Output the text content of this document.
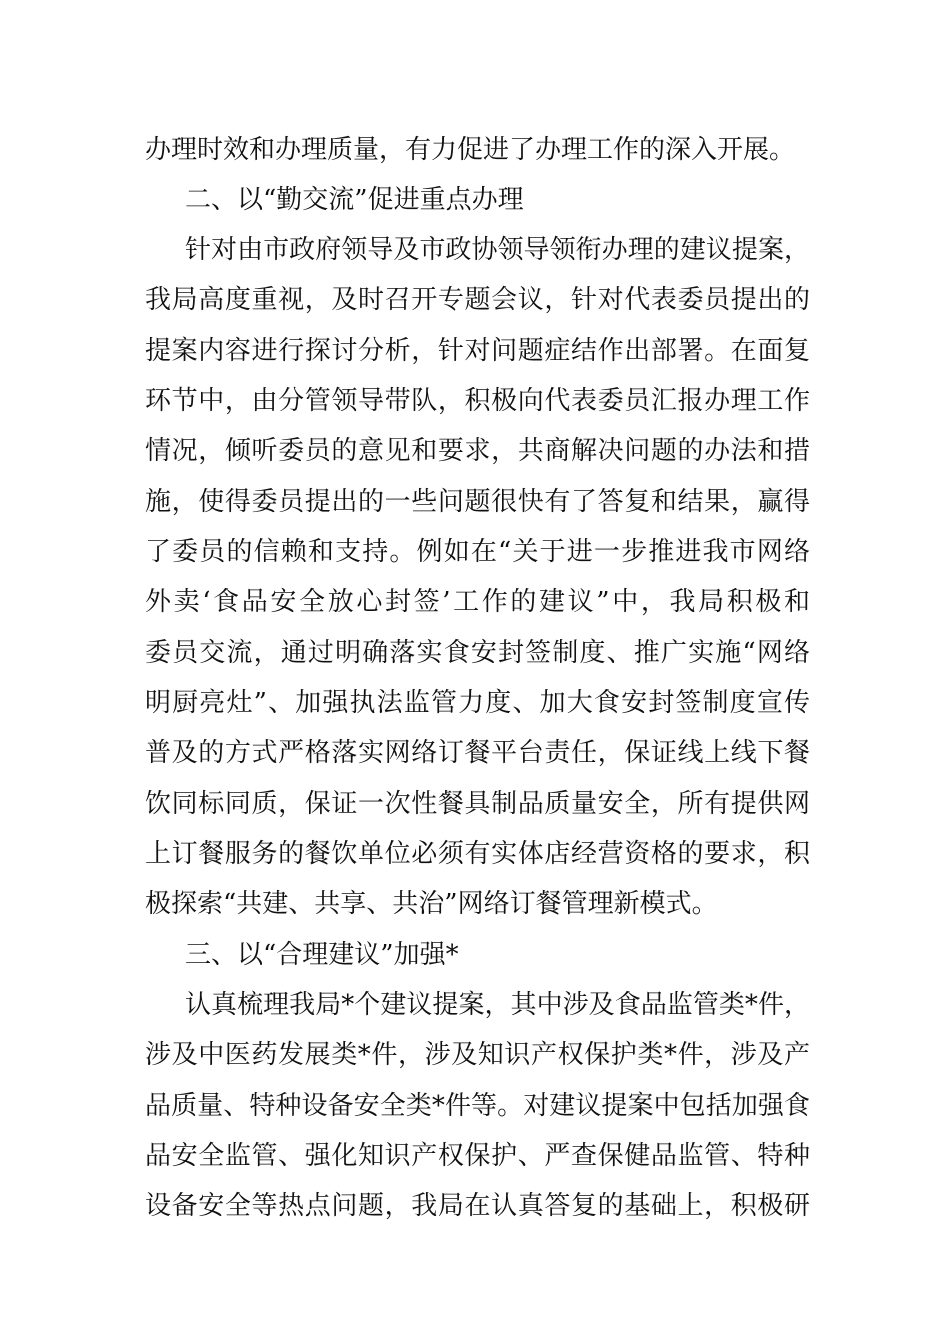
办理时效和办理质量，有力促进了办理工作的深入开展。
二、以“勤交流”促进重点办理
针对由市政府领导及市政协领导领衔办理的建议提案，
我局高度重视，及时召开专题会议，针对代表委员提出的
提案内容进行探讨分析，针对问题症结作出部署。在面复
环节中，由分管领导带队，积极向代表委员汇报办理工作
情况，倾听委员的意见和要求，共商解决问题的办法和措
施，使得委员提出的一些问题很快有了答复和结果，赢得
了委员的信赖和支持。例如在“关于进一步推进我市网络
外卖‘食品安全放心封签’工作的建议”中，我局积极和
委员交流，通过明确落实食安封签制度、推广实施“网络
明厨亮灶”、加强执法监管力度、加大食安封签制度宣传
普及的方式严格落实网络订餐平台责任，保证线上线下餐
饮同标同质，保证一次性餐具制品质量安全，所有提供网
上订餐服务的餐饮单位必须有实体店经营资格的要求，积
极探索“共建、共享、共治”网络订餐管理新模式。
三、以“合理建议”加强*
认真梳理我局*个建议提案，其中涉及食品监管类*件，
涉及中医药发展类*件，涉及知识产权保护类*件，涉及产
品质量、特种设备安全类*件等。对建议提案中包括加强食
品安全监管、强化知识产权保护、严查保健品监管、特种
设备安全等热点问题，我局在认真答复的基础上，积极研
